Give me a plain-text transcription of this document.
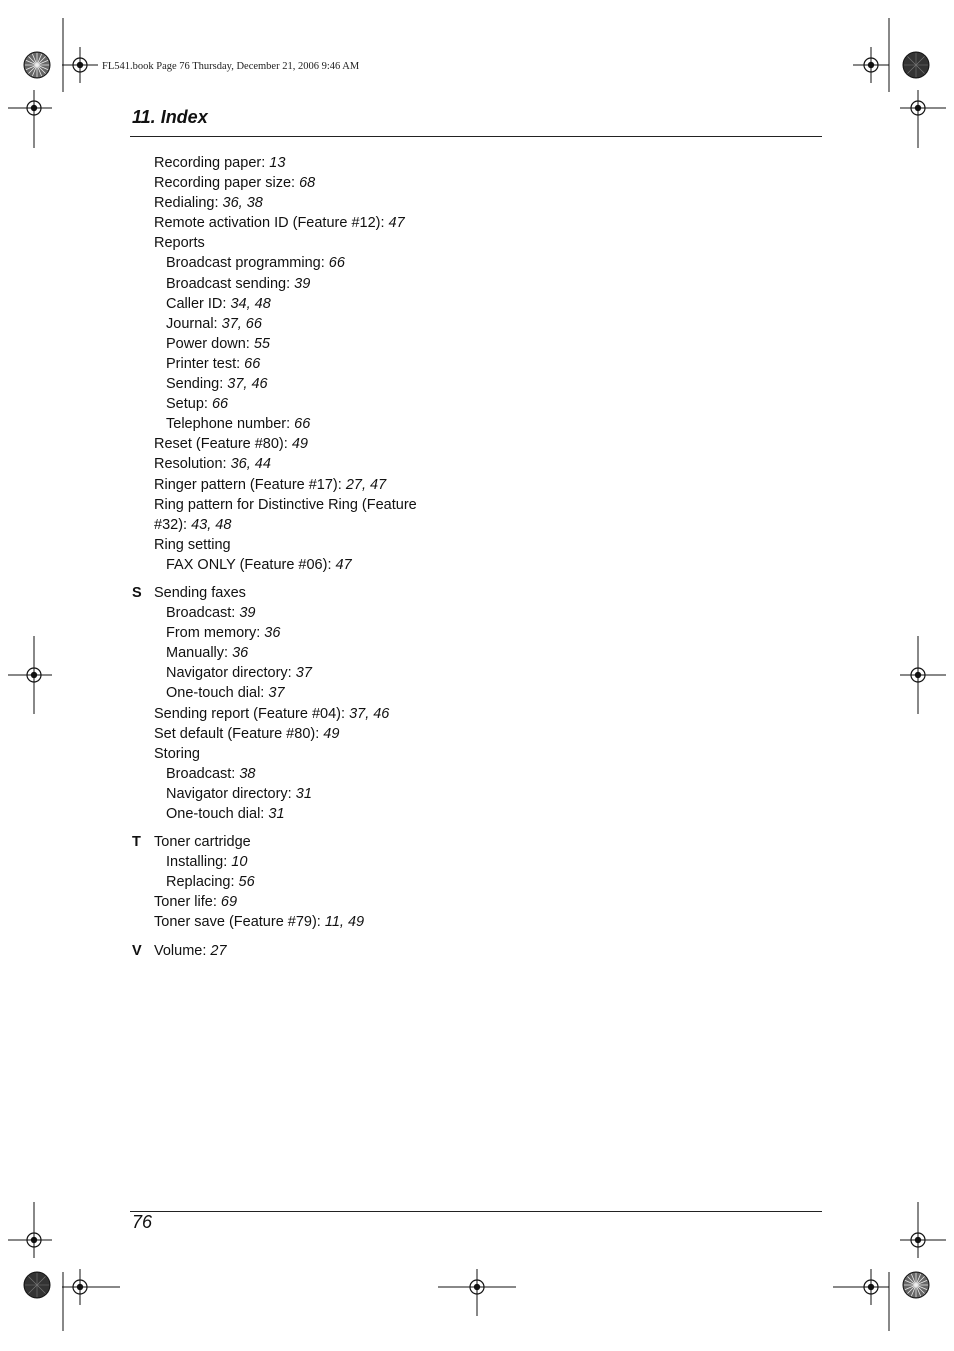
FL541.book Page 76 Thursday, December 21, 2006 9:46 AM
11. Index
Recording paper: 13
Recording paper size: 68
Redialing: 36, 38
Remote activation ID (Feature #12): 47
Reports
Broadcast programming: 66
Broadcast sending: 39
Caller ID: 34, 48
Journal: 37, 66
Power down: 55
Printer test: 66
Sending: 37, 46
Setup: 66
Telephone number: 66
Reset (Feature #80): 49
Resolution: 36, 44
Ringer pattern (Feature #17): 27, 47
Ring pattern for Distinctive Ring (Feature #32): 43, 48
Ring setting
FAX ONLY (Feature #06): 47
S Sending faxes
Broadcast: 39
From memory: 36
Manually: 36
Navigator directory: 37
One-touch dial: 37
Sending report (Feature #04): 37, 46
Set default (Feature #80): 49
Storing
Broadcast: 38
Navigator directory: 31
One-touch dial: 31
T Toner cartridge
Installing: 10
Replacing: 56
Toner life: 69
Toner save (Feature #79): 11, 49
V Volume: 27
76
